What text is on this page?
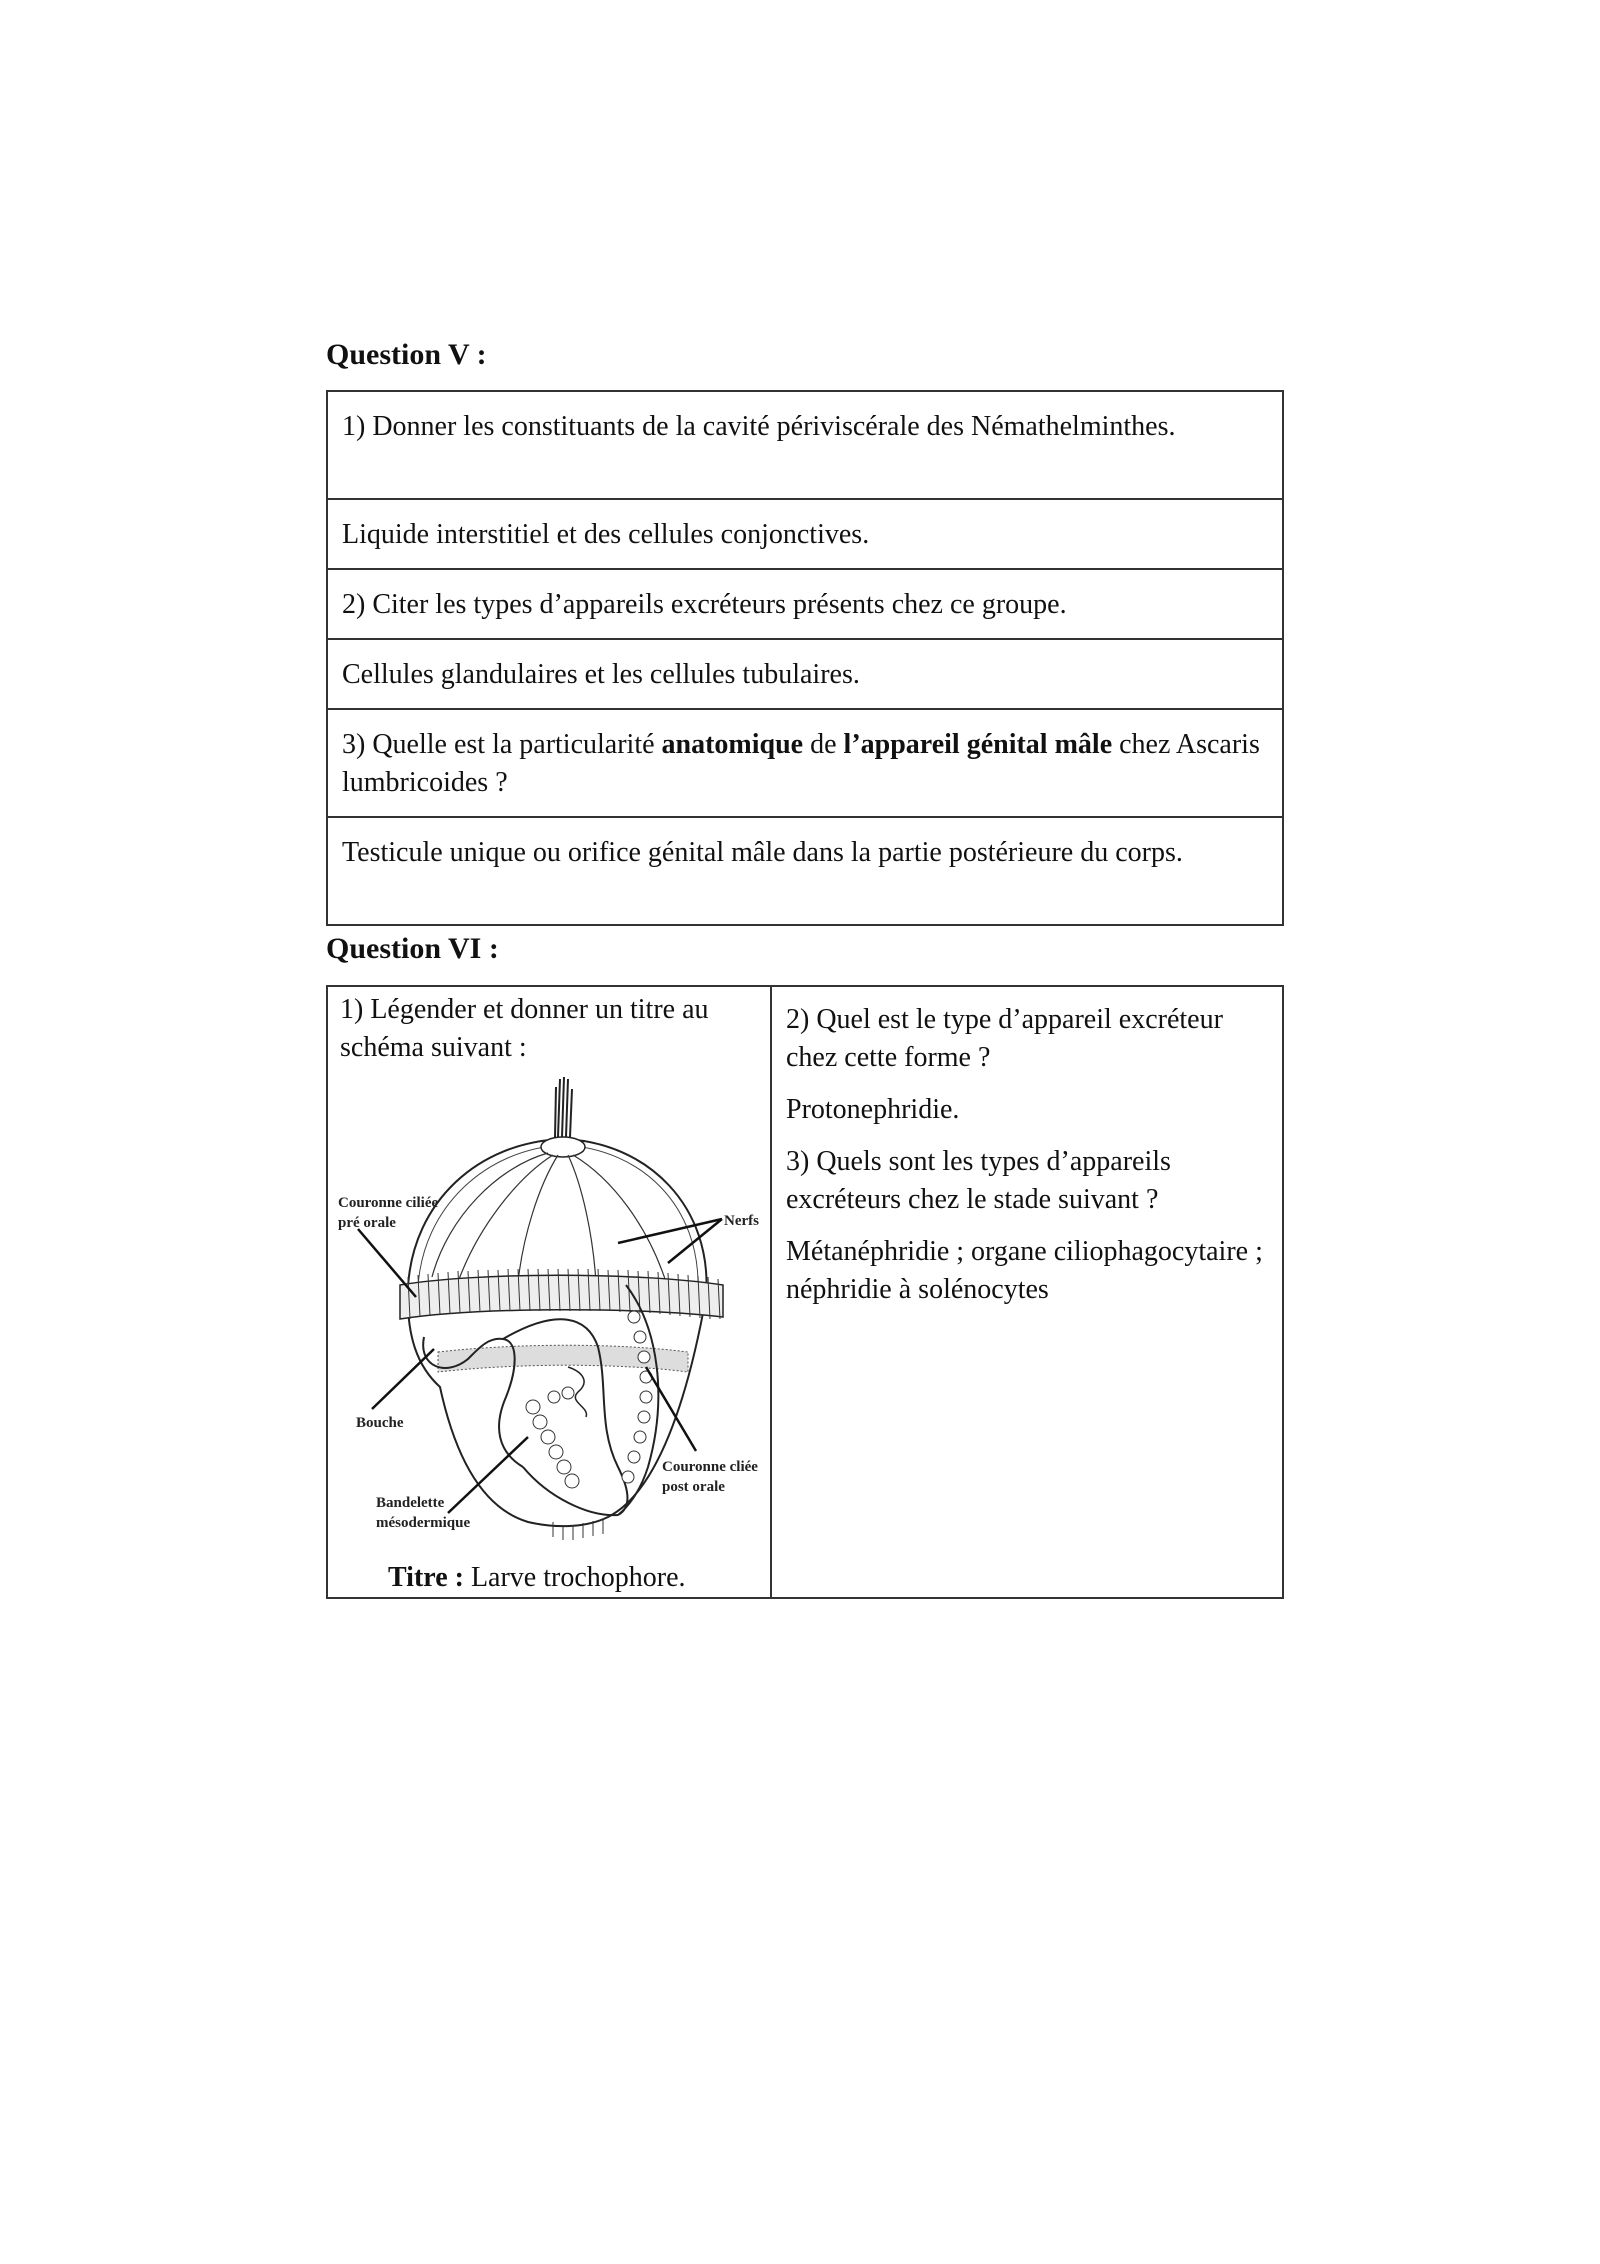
Question V :
1) Donner les constituants de la cavité périviscérale des Némathelminthes.
Liquide interstitiel et des cellules conjonctives.
2) Citer les types d’appareils excréteurs présents chez ce groupe.
Cellules glandulaires et les cellules tubulaires.
3) Quelle est la particularité anatomique de l’appareil génital mâle chez Ascaris lumbricoides ?
Testicule unique ou orifice génital mâle dans la partie postérieure du corps.
Question VI :
1) Légender et donner un titre au schéma suivant :
Couronne ciliée
pré orale	Nerfs
Bouche
Couronne cliée
post orale
Bandelette
mésodermique
Titre : Larve trochophore.

2) Quel est le type d’appareil excréteur chez cette forme ?
Protonephridie.
3) Quels sont les types d’appareils excréteurs chez le stade suivant ?
Métanéphridie ; organe ciliophagocytaire ; néphridie à solénocytes
